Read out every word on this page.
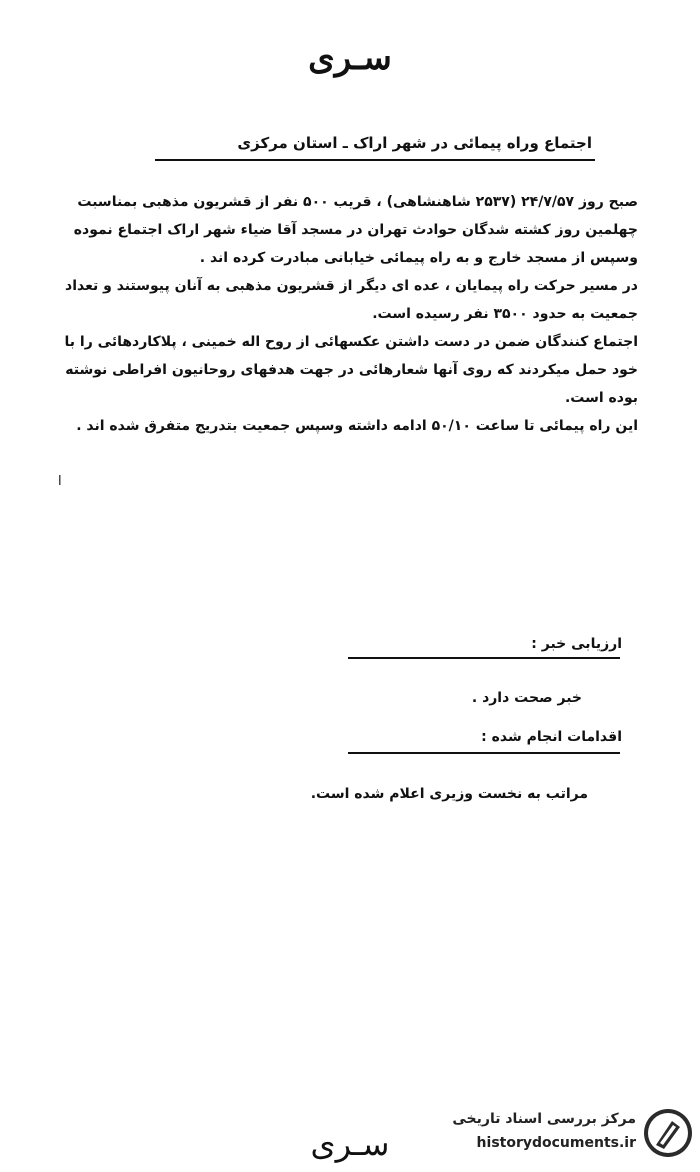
سـرى
اجتماع وراه پیمائی در شهر اراک ـ استان مرکزی

صبح روز ۲۴/۷/۵۷ (۲۵۳۷ شاهنشاهی) ، قریب ۵۰۰ نفر از قشریون مذهبی بمناسبت چهلمین روز کشته شدگان حوادث تهران در مسجد آقا ضیاء شهر اراک اجتماع نموده وسپس از مسجد خارج و به راه پیمائی خیابانی مبادرت کرده اند .

در مسیر حرکت راه پیمایان ، عده ای دیگر از قشریون مذهبی به آنان پیوستند و تعداد جمعیت به حدود ۳۵۰۰ نفر رسیده است.

اجتماع کنندگان ضمن در دست داشتن عکسهائی از روح اله خمینی ، پلاکاردهائی را با خود حمل میکردند که روی آنها شعارهائی در جهت هدفهای روحانیون افراطی نوشته بوده است.

این راه پیمائی تا ساعت ۵۰/۱۰ ادامه داشته وسپس جمعیت بتدریج متفرق شده اند .

ا
ارزیابی خبر :
خبر صحت دارد .
اقدامات انجام شده :
مراتب به نخست وزیری اعلام شده است.
سـرى
مرکز بررسی اسناد تاریخی
historydocuments.ir
